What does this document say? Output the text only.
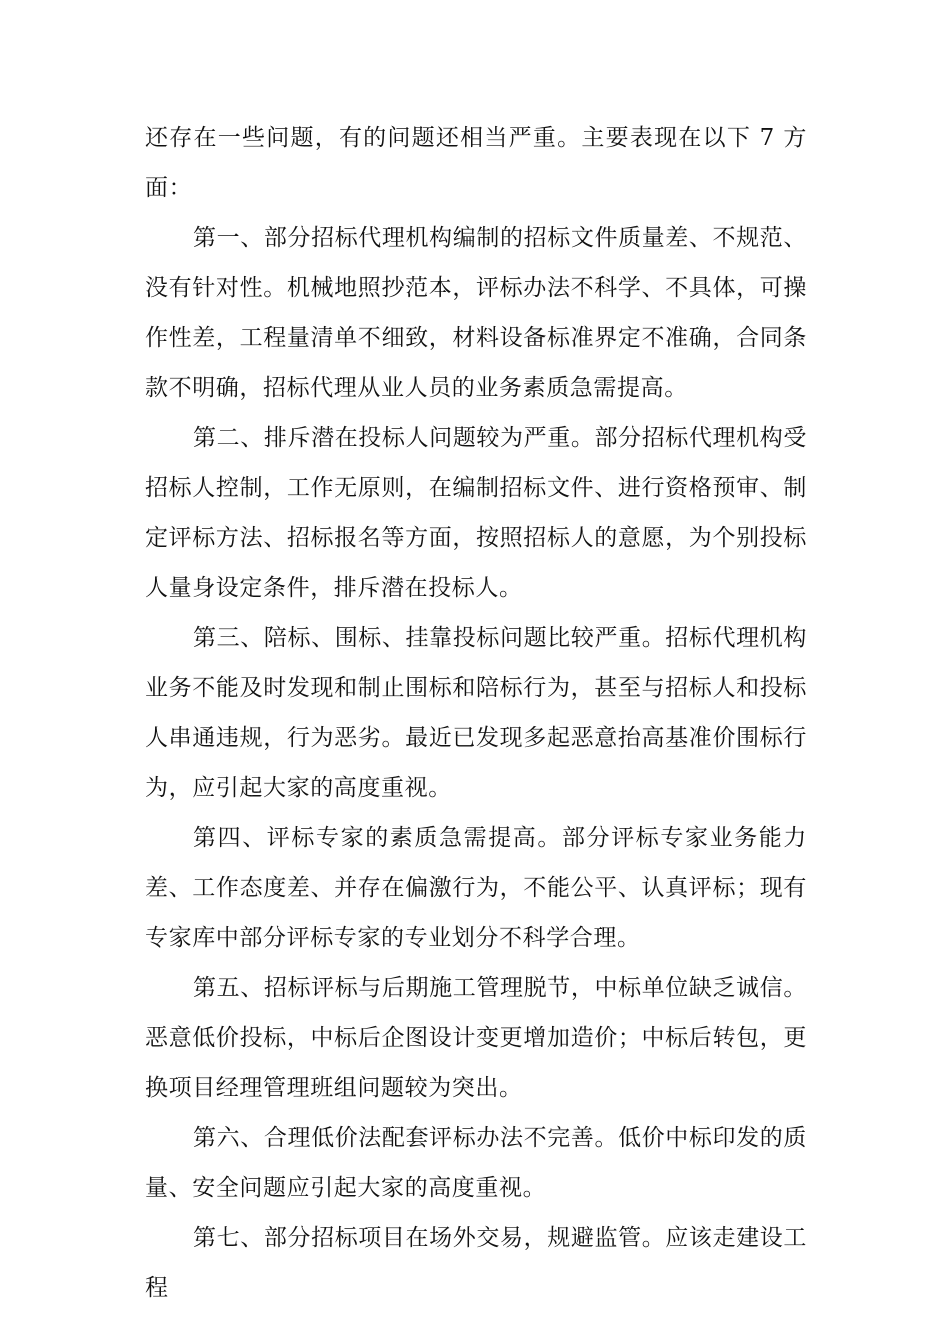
还存在一些问题，有的问题还相当严重。主要表现在以下 7 方面：

第一、部分招标代理机构编制的招标文件质量差、不规范、没有针对性。机械地照抄范本，评标办法不科学、不具体，可操作性差，工程量清单不细致，材料设备标准界定不准确，合同条款不明确，招标代理从业人员的业务素质急需提高。

第二、排斥潜在投标人问题较为严重。部分招标代理机构受招标人控制，工作无原则，在编制招标文件、进行资格预审、制定评标方法、招标报名等方面，按照招标人的意愿，为个别投标人量身设定条件，排斥潜在投标人。

第三、陪标、围标、挂靠投标问题比较严重。招标代理机构业务不能及时发现和制止围标和陪标行为，甚至与招标人和投标人串通违规，行为恶劣。最近已发现多起恶意抬高基准价围标行为，应引起大家的高度重视。

第四、评标专家的素质急需提高。部分评标专家业务能力差、工作态度差、并存在偏激行为，不能公平、认真评标；现有专家库中部分评标专家的专业划分不科学合理。

第五、招标评标与后期施工管理脱节，中标单位缺乏诚信。恶意低价投标，中标后企图设计变更增加造价；中标后转包，更换项目经理管理班组问题较为突出。

第六、合理低价法配套评标办法不完善。低价中标印发的质量、安全问题应引起大家的高度重视。

第七、部分招标项目在场外交易，规避监管。应该走建设工程
